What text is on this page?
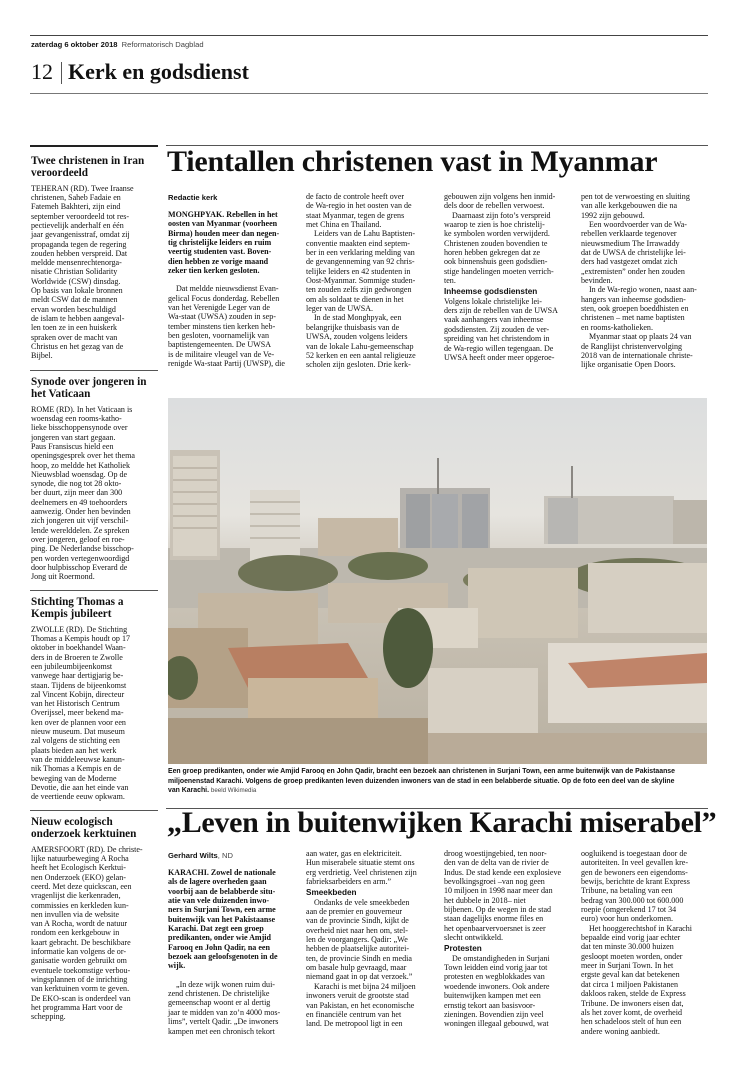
zaterdag 6 oktober 2018 Reformatorisch Dagblad
12 Kerk en godsdienst
Twee christenen in Iran veroordeeld
TEHERAN (RD). Twee Iraanse
christenen, Saheb Fadaie en
Fatemeh Bakhteri, zijn eind
september veroordeeld tot res-
pectievelijk anderhalf en één
jaar gevangenisstraf, omdat zij
propaganda tegen de regering
zouden hebben verspreid. Dat
meldde mensenrechtenorga-
nisatie Christian Solidarity
Worldwide (CSW) dinsdag.
Op basis van lokale bronnen
meldt CSW dat de mannen
ervan worden beschuldigd
de islam te hebben aangeval-
len toen ze in een huiskerk
spraken over de macht van
Christus en het gezag van de
Bijbel.
Synode over jongeren in het Vaticaan
ROME (RD). In het Vaticaan is
woensdag een rooms-katho-
lieke bisschoppensynode over
jongeren van start gegaan.
Paus Fransiscus hield een
openingsgesprek over het thema
hoop, zo meldde het Katholiek
Nieuwsblad woensdag. Op de
synode, die nog tot 28 okto-
ber duurt, zijn meer dan 300
deelnemers en 49 toehoorders
aanwezig. Onder hen bevinden
zich jongeren uit vijf verschil-
lende werelddelen. Ze spreken
over jongeren, geloof en roe-
ping. De Nederlandse bisschop-
pen worden vertegenwoordigd
door hulpbisschop Everard de
Jong uit Roermond.
Stichting Thomas a Kempis jubileert
ZWOLLE (RD). De Stichting
Thomas a Kempis houdt op 17
oktober in boekhandel Waan-
ders in de Broeren te Zwolle
een jubileumbijeenkomst
vanwege haar dertigjarig be-
staan. Tijdens de bijeenkomst
zal Vincent Kobijn, directeur
van het Historisch Centrum
Overijssel, meer bekend ma-
ken over de plannen voor een
nieuw museum. Dat museum
zal volgens de stichting een
plaats bieden aan het werk
van de middeleeuwse kanun-
nik Thomas a Kempis en de
beweging van de Moderne
Devotie, die aan het einde van
de veertiende eeuw opkwam.
Nieuw ecologisch onderzoek kerktuinen
AMERSFOORT (RD). De christe-
lijke natuurbeweging A Rocha
heeft het Ecologisch Kerktui-
nen Onderzoek (EKO) gelan-
ceerd. Met deze quickscan, een
vragenlijst die kerkenraden,
commissies en kerkleden kun-
nen invullen via de website
van A Rocha, wordt de natuur
rondom een kerkgebouw in
kaart gebracht. De beschikbare
informatie kan volgens de or-
ganisatie worden gebruikt om
eventuele toekomstige verbou-
wingsplannen of de inrichting
van kerktuinen vorm te geven.
De EKO-scan is onderdeel van
het programma Hart voor de
schepping.
Tientallen christenen vast in Myanmar
Redactie kerk
MONGHPYAK. Rebellen in het
oosten van Myanmar (voorheen
Birma) houden meer dan negen-
tig christelijke leiders en ruim
veertig studenten vast. Boven-
dien hebben ze vorige maand
zeker tien kerken gesloten.
Dat meldde nieuwsdienst Evan-
gelical Focus donderdag. Rebellen
van het Verenigde Leger van de
Wa-staat (UWSA) zouden in sep-
tember minstens tien kerken heb-
ben gesloten, voornamelijk van
baptistengemeenten. De UWSA
is de militaire vleugel van de Ve-
renigde Wa-staat Partij (UWSP), die
de facto de controle heeft over
de Wa-regio in het oosten van de
staat Myanmar, tegen de grens
met China en Thailand.
Leiders van de Lahu Baptisten-
conventie maakten eind septem-
ber in een verklaring melding van
de gevangenneming van 92 chris-
telijke leiders en 42 studenten in
Oost-Myanmar. Sommige studen-
ten zouden zelfs zijn gedwongen
om als soldaat te dienen in het
leger van de UWSA.
In de stad Monghpyak, een
belangrijke thuisbasis van de
UWSA, zouden volgens leiders
van de lokale Lahu-gemeenschap
52 kerken en een aantal religieuze
scholen zijn gesloten. Drie kerk-
gebouwen zijn volgens hen inmid-
dels door de rebellen verwoest.
Daarnaast zijn foto’s verspreid
waarop te zien is hoe christelij-
ke symbolen worden verwijderd.
Christenen zouden bovendien te
horen hebben gekregen dat ze
ook binnenshuis geen godsdien-
stige handelingen moeten verrich-
ten.
Inheemse godsdiensten
Volgens lokale christelijke lei-
ders zijn de rebellen van de UWSA
vaak aanhangers van inheemse
godsdiensten. Zij zouden de ver-
spreiding van het christendom in
de Wa-regio willen tegengaan. De
UWSA heeft onder meer opgeroe-
pen tot de verwoesting en sluiting
van alle kerkgebouwen die na
1992 zijn gebouwd.
Een woordvoerder van de Wa-
rebellen verklaarde tegenover
nieuwsmedium The Irrawaddy
dat de UWSA de christelijke lei-
ders had vastgezet omdat zich
„extremisten” onder hen zouden
bevinden.
In de Wa-regio wonen, naast aan-
hangers van inheemse godsdien-
sten, ook groepen boeddhisten en
christenen – met name baptisten
en rooms-katholieken.
Myanmar staat op plaats 24 van
de Ranglijst christenvervolging
2018 van de internationale christe-
lijke organisatie Open Doors.
Een groep predikanten, onder wie Amjid Farooq en John Qadir, bracht een bezoek aan christenen in Surjani Town, een arme buitenwijk van de Pakistaanse
miljoenenstad Karachi. Volgens de groep predikanten leven duizenden inwoners van de stad in een belabberde situatie. Op de foto een deel van de skyline
van Karachi. beeld Wikimedia
„Leven in buitenwijken Karachi miserabel”
Gerhard Wilts, ND
KARACHI. Zowel de nationale
als de lagere overheden gaan
voorbij aan de belabberde situ-
atie van vele duizenden inwo-
ners in Surjani Town, een arme
buitenwijk van het Pakistaanse
Karachi. Dat zegt een groep
predikanten, onder wie Amjid
Farooq en John Qadir, na een
bezoek aan geloofsgenoten in de
wijk.
„In deze wijk wonen ruim dui-
zend christenen. De christelijke
gemeenschap woont er al dertig
jaar te midden van zo’n 4000 mos-
lims”, vertelt Qadir. „De inwoners
kampen met een chronisch tekort
aan water, gas en elektriciteit.
Hun miserabele situatie stemt ons
erg verdrietig. Veel christenen zijn
fabrieksarbeiders en arm.”
Smeekbeden
Ondanks de vele smeekbeden
aan de premier en gouverneur
van de provincie Sindh, kijkt de
overheid niet naar hen om, stel-
len de voorgangers. Qadir: „We
hebben de plaatselijke autoritei-
ten, de provincie Sindh en media
om basale hulp gevraagd, maar
niemand gaat in op dat verzoek.”
Karachi is met bijna 24 miljoen
inwoners veruit de grootste stad
van Pakistan, en het economische
en financiële centrum van het
land. De metropool ligt in een
droog woestijngebied, ten noor-
den van de delta van de rivier de
Indus. De stad kende een explosieve
bevolkingsgroei –van nog geen
10 miljoen in 1998 naar meer dan
het dubbele in 2018– niet
bijbenen. Op de wegen in de stad
staan dagelijks enorme files en
het openbaarvervoersnet is zeer
slecht ontwikkeld.
Protesten
De omstandigheden in Surjani
Town leidden eind vorig jaar tot
protesten en wegblokkades van
woedende inwoners. Ook andere
buitenwijken kampen met een
ernstig tekort aan basisvoor-
zieningen. Bovendien zijn veel
woningen illegaal gebouwd, wat
oogluikend is toegestaan door de
autoriteiten. In veel gevallen kre-
gen de bewoners een eigendoms-
bewijs, berichtte de krant Express
Tribune, na betaling van een
bedrag van 300.000 tot 600.000
roepie (omgerekend 17 tot 34
euro) voor hun onderkomen.
Het hooggerechtshof in Karachi
bepaalde eind vorig jaar echter
dat ten minste 30.000 huizen
gesloopt moeten worden, onder
meer in Surjani Town. In het
ergste geval kan dat betekenen
dat circa 1 miljoen Pakistanen
dakloos raken, stelde de Express
Tribune. De inwoners eisen dat,
als het zover komt, de overheid
hen schadeloos stelt of hun een
andere woning aanbiedt.
